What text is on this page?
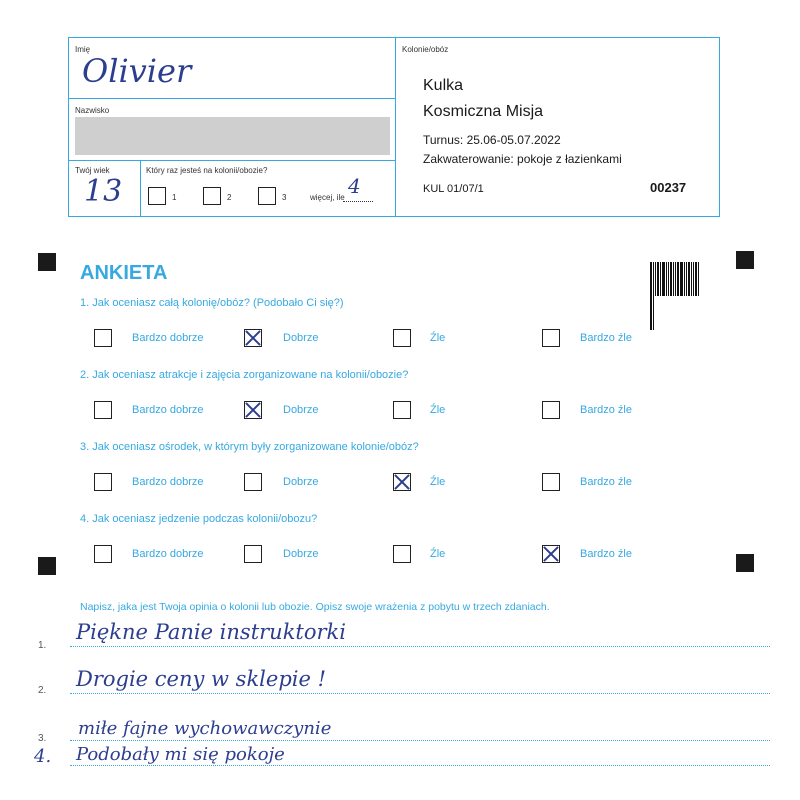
Imię
Olivier
Nazwisko
Twój wiek
13
Który raz jesteś na kolonii/obozie?
1	2	3	więcej, ile 4
Kolonie/obóz
Kulka
Kosmiczna Misja
Turnus: 25.06-05.07.2022
Zakwaterowanie: pokoje z łazienkami
KUL 01/07/1	00237
ANKIETA
1. Jak oceniasz całą kolonię/obóz? (Podobało Ci się?)
Bardzo dobrze	Dobrze	Źle	Bardzo źle
2. Jak oceniasz atrakcje i zajęcia zorganizowane na kolonii/obozie?
Bardzo dobrze	Dobrze	Źle	Bardzo źle
3. Jak oceniasz ośrodek, w którym były zorganizowane kolonie/obóz?
Bardzo dobrze	Dobrze	Źle	Bardzo źle
4. Jak oceniasz jedzenie podczas kolonii/obozu?
Bardzo dobrze	Dobrze	Źle	Bardzo źle
Napisz, jaka jest Twoja opinia o kolonii lub obozie. Opisz swoje wrażenia z pobytu w trzech zdaniach.
1.
Piękne Panie instruktorki
2. Drogie ceny w sklepie !
3. miłe fajne wychowawczynie
4. Podobały mi się pokoje
